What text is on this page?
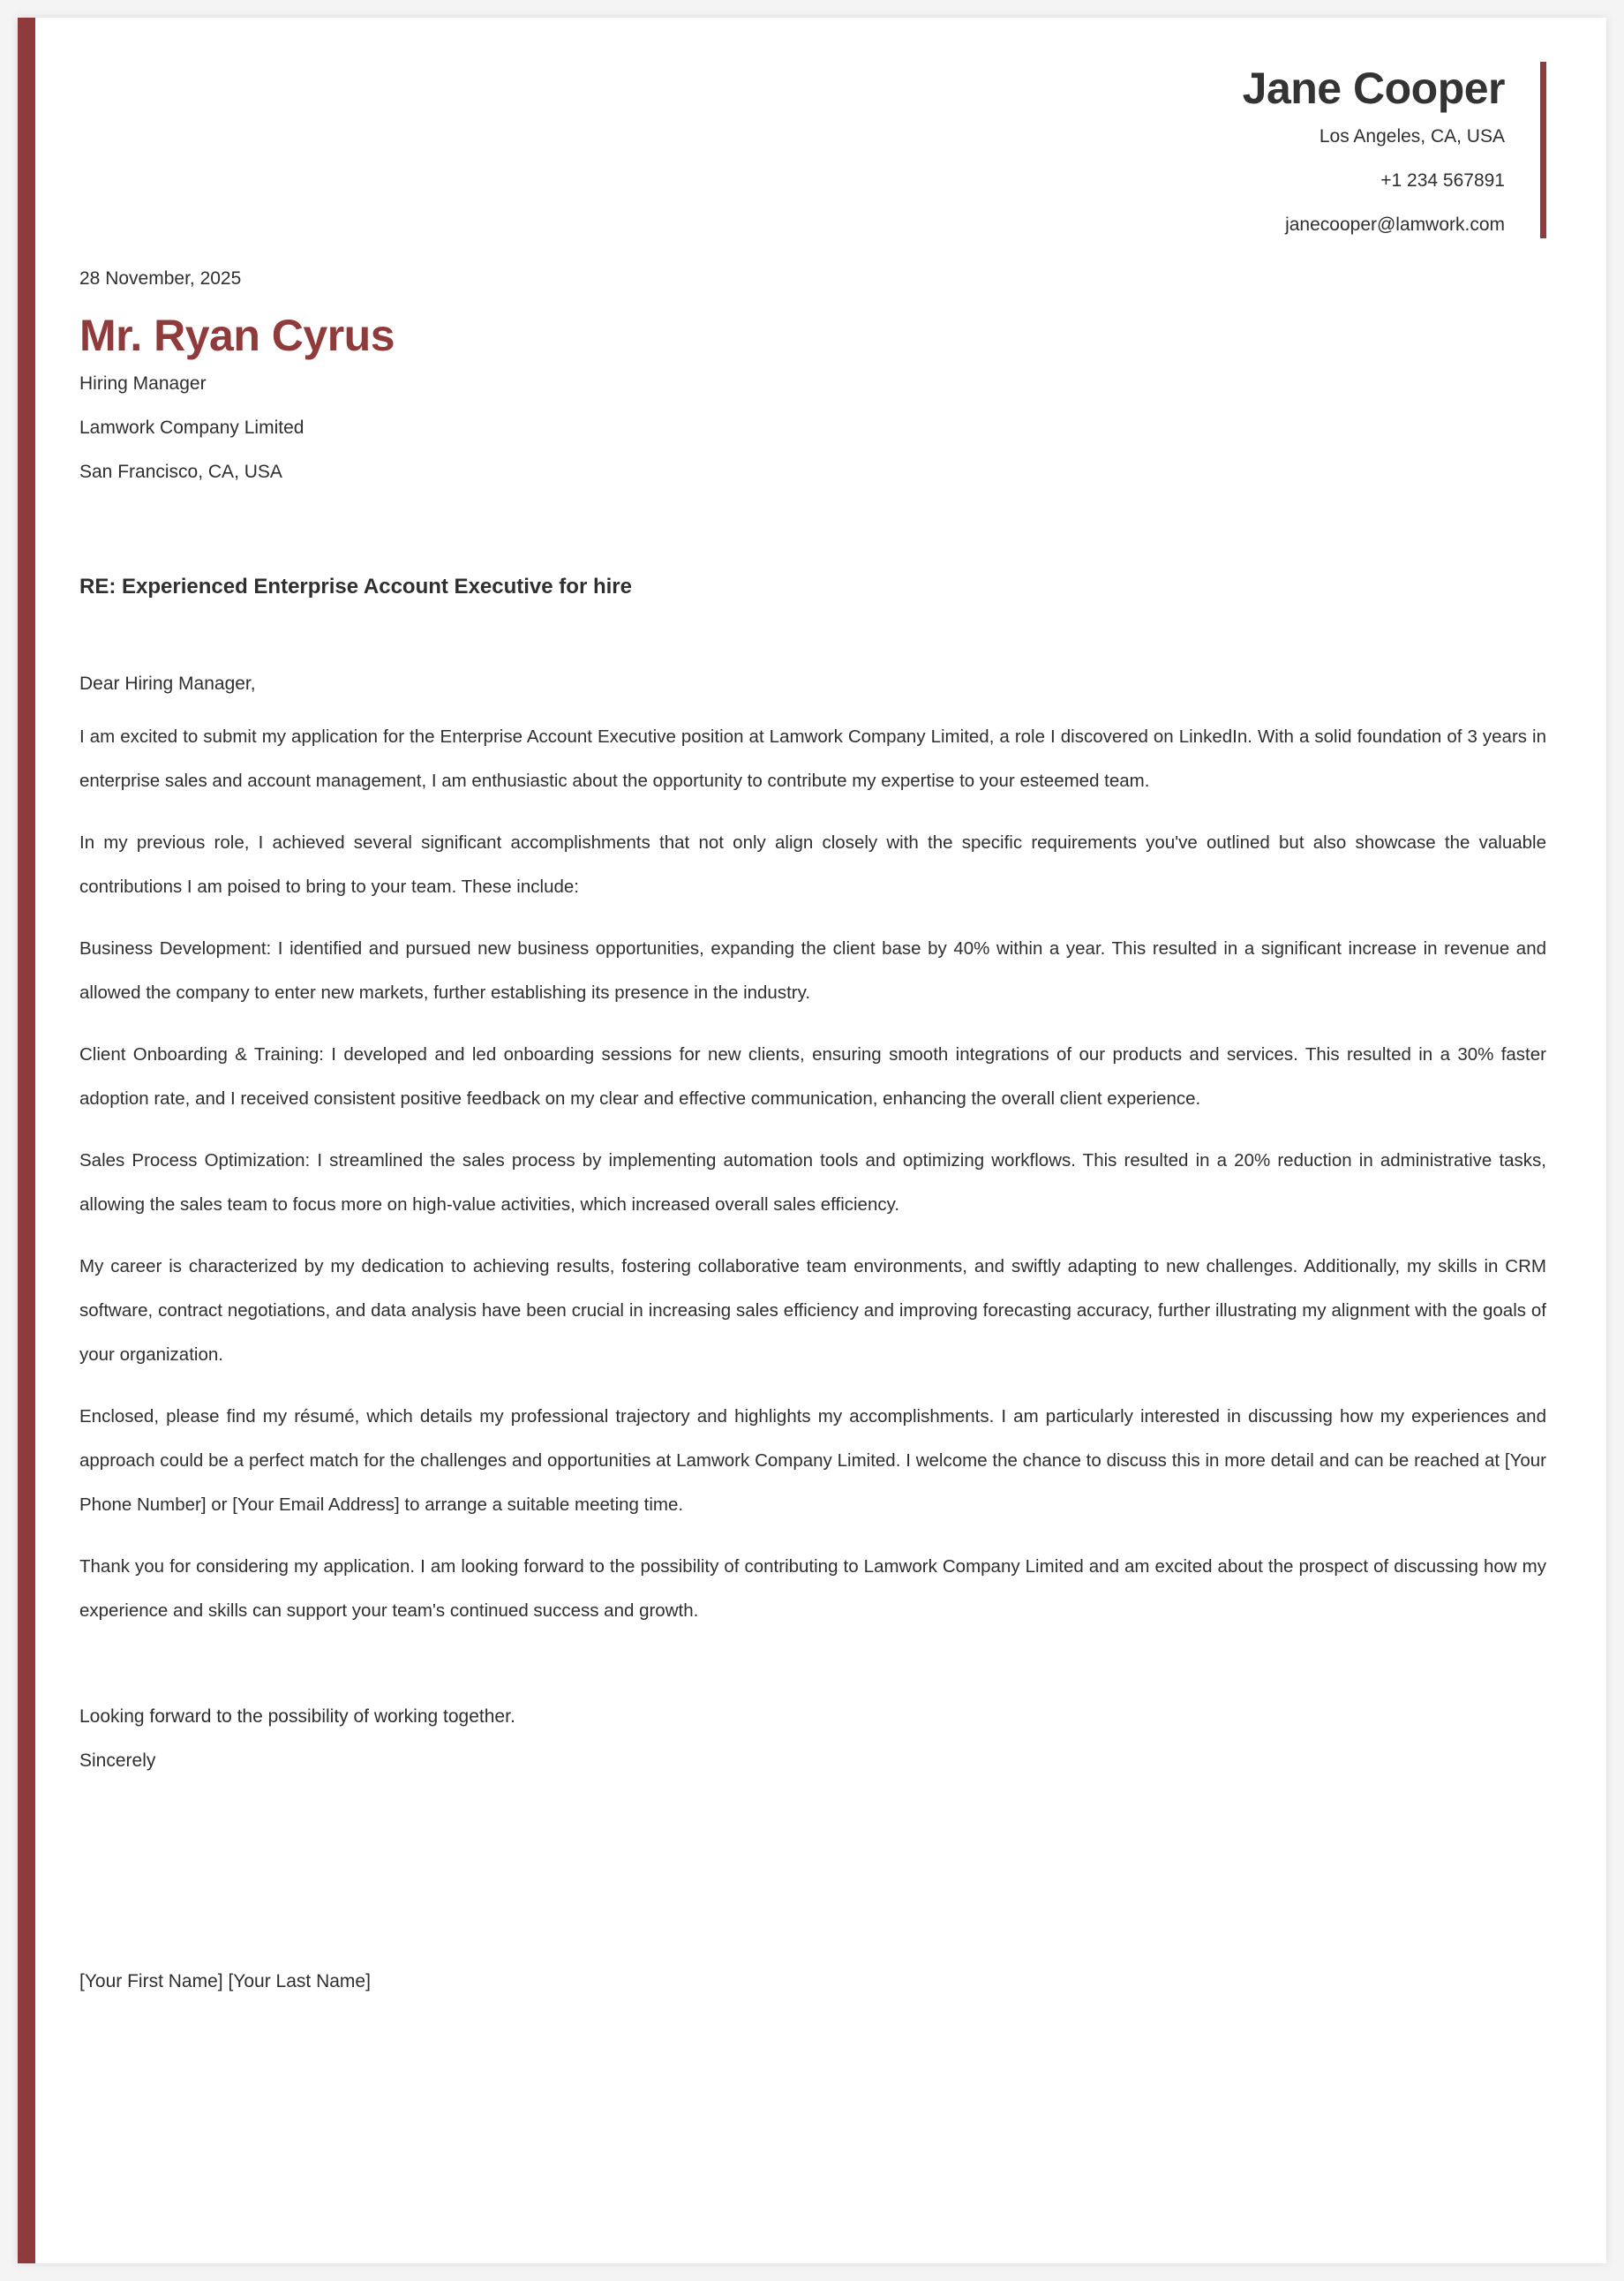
Jane Cooper
Los Angeles, CA, USA
+1 234 567891
janecooper@lamwork.com
28 November, 2025
Mr. Ryan Cyrus
Hiring Manager
Lamwork Company Limited
San Francisco, CA, USA
RE: Experienced Enterprise Account Executive for hire

Dear Hiring Manager,

I am excited to submit my application for the Enterprise Account Executive position at Lamwork Company Limited, a role I discovered on LinkedIn. With a solid foundation of 3 years in enterprise sales and account management, I am enthusiastic about the opportunity to contribute my expertise to your esteemed team.

In my previous role, I achieved several significant accomplishments that not only align closely with the specific requirements you've outlined but also showcase the valuable contributions I am poised to bring to your team. These include:

Business Development: I identified and pursued new business opportunities, expanding the client base by 40% within a year. This resulted in a significant increase in revenue and allowed the company to enter new markets, further establishing its presence in the industry.

Client Onboarding & Training: I developed and led onboarding sessions for new clients, ensuring smooth integrations of our products and services. This resulted in a 30% faster adoption rate, and I received consistent positive feedback on my clear and effective communication, enhancing the overall client experience.

Sales Process Optimization: I streamlined the sales process by implementing automation tools and optimizing workflows. This resulted in a 20% reduction in administrative tasks, allowing the sales team to focus more on high-value activities, which increased overall sales efficiency.

My career is characterized by my dedication to achieving results, fostering collaborative team environments, and swiftly adapting to new challenges. Additionally, my skills in CRM software, contract negotiations, and data analysis have been crucial in increasing sales efficiency and improving forecasting accuracy, further illustrating my alignment with the goals of your organization.

Enclosed, please find my résumé, which details my professional trajectory and highlights my accomplishments. I am particularly interested in discussing how my experiences and approach could be a perfect match for the challenges and opportunities at Lamwork Company Limited. I welcome the chance to discuss this in more detail and can be reached at [Your Phone Number] or [Your Email Address] to arrange a suitable meeting time.

Thank you for considering my application. I am looking forward to the possibility of contributing to Lamwork Company Limited and am excited about the prospect of discussing how my experience and skills can support your team's continued success and growth.

Looking forward to the possibility of working together.
Sincerely
[Your First Name] [Your Last Name]
